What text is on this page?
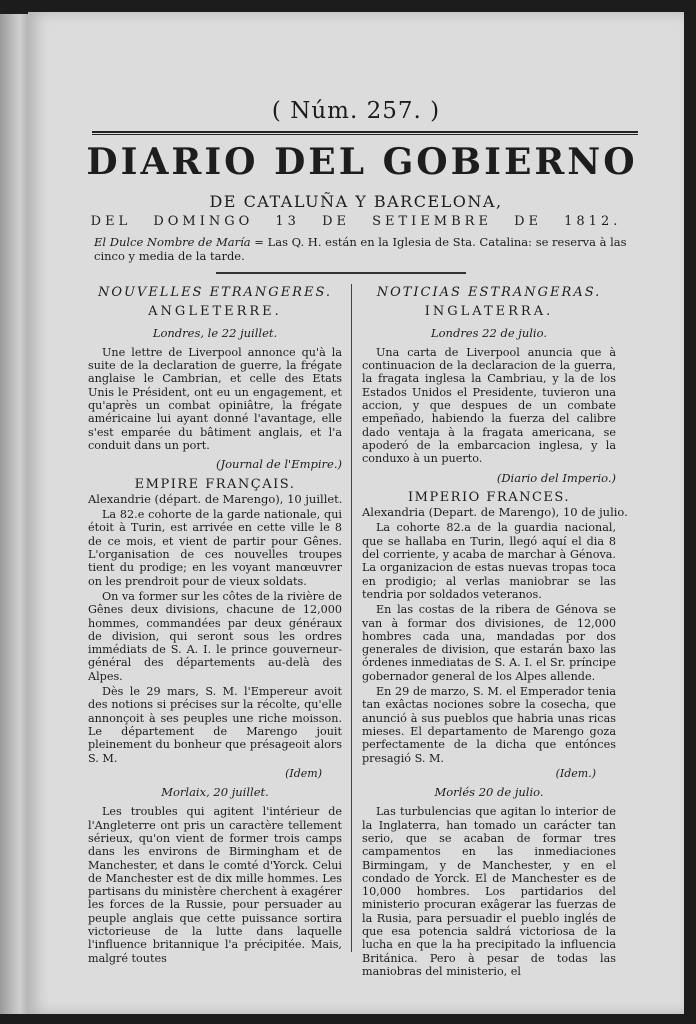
( Núm. 257. )
DIARIO DEL GOBIERNO
DE CATALUÑA Y BARCELONA,
DEL DOMINGO 13 DE SETIEMBRE DE 1812.
El Dulce Nombre de María = Las Q. H. están en la Iglesia de Sta. Catalina: se reserva à las cinco y media de la tarde.
NOUVELLES ETRANGERES.
ANGLETERRE.
Londres, le 22 juillet.

Une lettre de Liverpool annonce qu'à la suite de la declaration de guerre, la frégate anglaise le Cambrian, et celle des Etats Unis le Président, ont eu un engagement, et qu'après un combat opiniâtre, la frégate américaine lui ayant donné l'avantage, elle s'est emparée du bâtiment anglais, et l'a conduit dans un port.

(Journal de l'Empire.)
EMPIRE FRANÇAIS.
Alexandrie (départ. de Marengo), 10 juillet.

La 82.e cohorte de la garde nationale, qui étoit à Turin, est arrivée en cette ville le 8 de ce mois, et vient de partir pour Gênes. L'organisation de ces nouvelles troupes tient du prodige; en les voyant manœuvrer on les prendroit pour de vieux soldats.

On va former sur les côtes de la rivière de Gênes deux divisions, chacune de 12,000 hommes, commandées par deux généraux de division, qui seront sous les ordres immédiats de S. A. I. le prince gouverneur-général des départements au-delà des Alpes.

Dès le 29 mars, S. M. l'Empereur avoit des notions si précises sur la récolte, qu'elle annonçoit à ses peuples une riche moisson. Le département de Marengo jouit pleinement du bonheur que présageoit alors S. M.

(Idem)
Morlaix, 20 juillet.

Les troubles qui agitent l'intérieur de l'Angleterre ont pris un caractère tellement sérieux, qu'on vient de former trois camps dans les environs de Birmingham et de Manchester, et dans le comté d'Yorck. Celui de Manchester est de dix mille hommes. Les partisans du ministère cherchent à exagérer les forces de la Russie, pour persuader au peuple anglais que cette puissance sortira victorieuse de la lutte dans laquelle l'influence britannique l'a précipitée. Mais, malgré toutes

NOTICIAS ESTRANGERAS.
INGLATERRA.
Londres 22 de julio.

Una carta de Liverpool anuncia que à continuacion de la declaracion de la guerra, la fragata inglesa la Cambriau, y la de los Estados Unidos el Presidente, tuvieron una accion, y que despues de un combate empeñado, habiendo la fuerza del calibre dado ventaja à la fragata americana, se apoderó de la embarcacion inglesa, y la conduxo à un puerto.

(Diario del Imperio.)
IMPERIO FRANCES.
Alexandria (Depart. de Marengo), 10 de julio.

La cohorte 82.a de la guardia nacional, que se hallaba en Turin, llegó aquí el dia 8 del corriente, y acaba de marchar à Génova. La organizacion de estas nuevas tropas toca en prodigio; al verlas maniobrar se las tendria por soldados veteranos.

En las costas de la ribera de Génova se van à formar dos divisiones, de 12,000 hombres cada una, mandadas por dos generales de division, que estarán baxo las órdenes inmediatas de S. A. I. el Sr. príncipe gobernador general de los Alpes allende.

En 29 de marzo, S. M. el Emperador tenia tan exâctas nociones sobre la cosecha, que anunció à sus pueblos que habria unas ricas mieses. El departamento de Marengo goza perfectamente de la dicha que entónces presagió S. M.

(Idem.)
Morlés 20 de julio.

Las turbulencias que agitan lo interior de la Inglaterra, han tomado un carácter tan serio, que se acaban de formar tres campamentos en las inmediaciones Birmingam, y de Manchester, y en el condado de Yorck. El de Manchester es de 10,000 hombres. Los partidarios del ministerio procuran exâgerar las fuerzas de la Rusia, para persuadir el pueblo inglés de que esa potencia saldrá victoriosa de la lucha en que la ha precipitado la influencia Británica. Pero à pesar de todas las maniobras del ministerio, el
